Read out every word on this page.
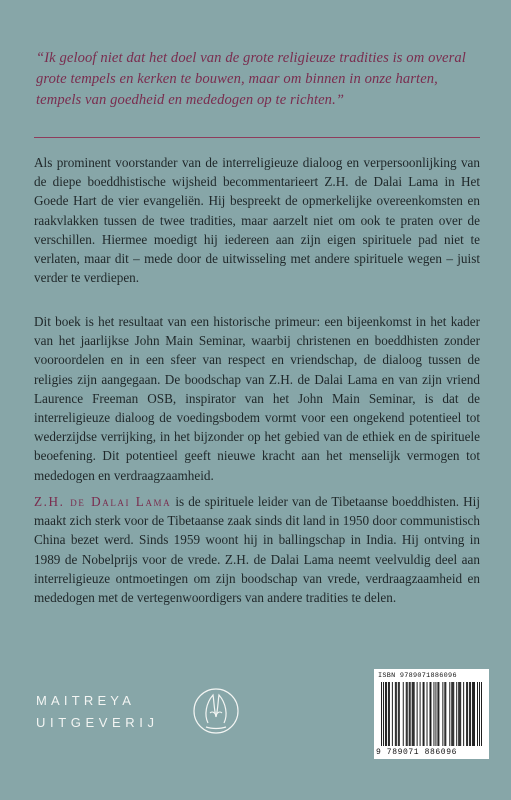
“Ik geloof niet dat het doel van de grote religieuze tradities is om overal grote tempels en kerken te bouwen, maar om binnen in onze harten, tempels van goedheid en mededogen op te richten.”
Als prominent voorstander van de interreligieuze dialoog en verpersoonlijking van de diepe boeddhistische wijsheid becommentarieert Z.H. de Dalai Lama in Het Goede Hart de vier evangeliën. Hij bespreekt de opmerkelijke overeenkomsten en raakvlakken tussen de twee tradities, maar aarzelt niet om ook te praten over de verschillen. Hiermee moedigt hij iedereen aan zijn eigen spirituele pad niet te verlaten, maar dit – mede door de uitwisseling met andere spirituele wegen – juist verder te verdiepen.
Dit boek is het resultaat van een historische primeur: een bijeenkomst in het kader van het jaarlijkse John Main Seminar, waarbij christenen en boeddhisten zonder vooroordelen en in een sfeer van respect en vriendschap, de dialoog tussen de religies zijn aangegaan. De boodschap van Z.H. de Dalai Lama en van zijn vriend Laurence Freeman OSB, inspirator van het John Main Seminar, is dat de interreligieuze dialoog de voedingsbodem vormt voor een ongekend potentieel tot wederzijdse verrijking, in het bijzonder op het gebied van de ethiek en de spirituele beoefening. Dit potentieel geeft nieuwe kracht aan het menselijk vermogen tot mededogen en verdraagzaamheid.
Z.H. de Dalai Lama is de spirituele leider van de Tibetaanse boeddhisten. Hij maakt zich sterk voor de Tibetaanse zaak sinds dit land in 1950 door communistisch China bezet werd. Sinds 1959 woont hij in ballingschap in India. Hij ontving in 1989 de Nobelprijs voor de vrede. Z.H. de Dalai Lama neemt veelvuldig deel aan interreligieuze ontmoetingen om zijn boodschap van vrede, verdraagzaamheid en mededogen met de vertegenwoordigers van andere tradities te delen.
MAITREYA
UITGEVERIJ
ISBN 9789071886096
9 789071 886096
